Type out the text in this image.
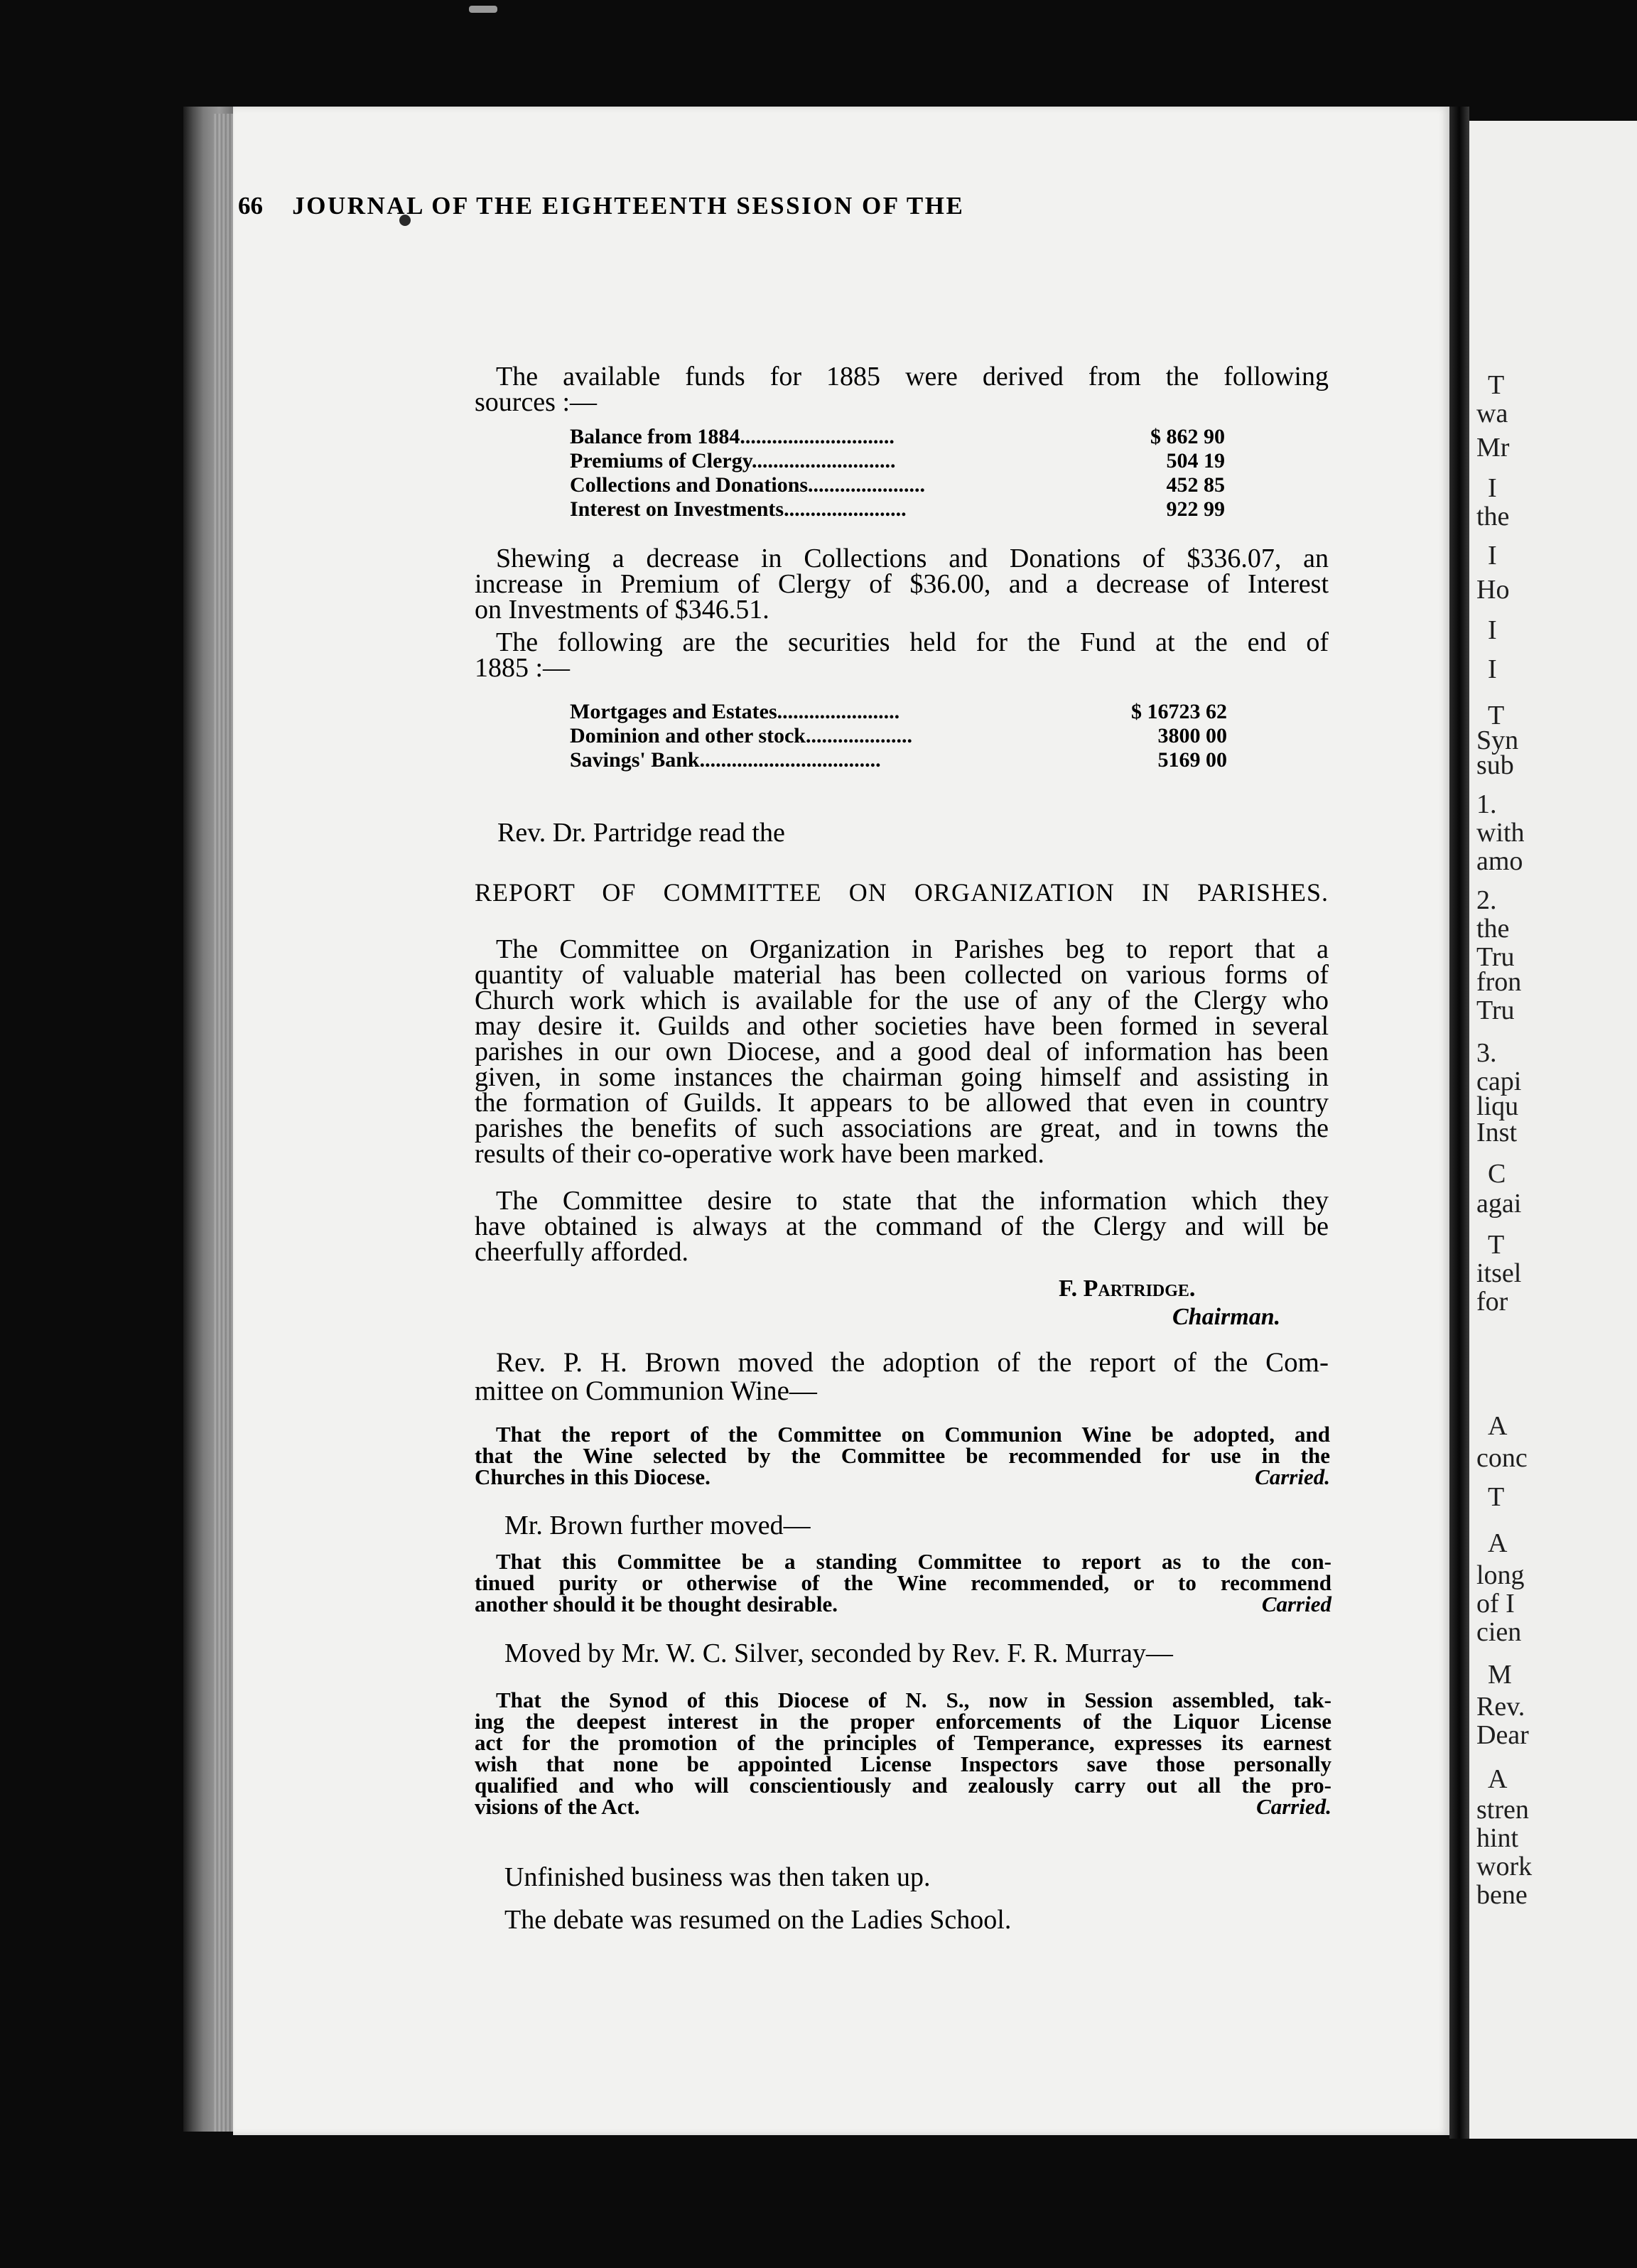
T
wa
Mr
I
the
I
Ho
I
I
T
Syn
sub
1.
with
amo
2.
the
Tru
fron
Tru
3.
capi
liqu
Inst
C
agai
T
itsel
for
A
conc
T
A
long
of I
cien
M
Rev.
Dear
A
stren
hint
work
bene
66 JOURNAL OF THE EIGHTEENTH SESSION OF THE
The available funds for 1885 were derived from the following
sources :—
Balance from 1884.............................	$ 862 90
Premiums of Clergy...........................	504 19
Collections and Donations......................	452 85
Interest on Investments.......................	922 99
Shewing a decrease in Collections and Donations of $336.07, an
increase in Premium of Clergy of $36.00, and a decrease of Interest
on Investments of $346.51.
The following are the securities held for the Fund at the end of
1885 :—
Mortgages and Estates.......................	$ 16723 62
Dominion and other stock....................	3800 00
Savings' Bank..................................	5169 00
Rev. Dr. Partridge read the
REPORT OF COMMITTEE ON ORGANIZATION IN PARISHES.
The Committee on Organization in Parishes beg to report that a
quantity of valuable material has been collected on various forms of
Church work which is available for the use of any of the Clergy who
may desire it. Guilds and other societies have been formed in several
parishes in our own Diocese, and a good deal of information has been
given, in some instances the chairman going himself and assisting in
the formation of Guilds. It appears to be allowed that even in country
parishes the benefits of such associations are great, and in towns the
results of their co-operative work have been marked.
The Committee desire to state that the information which they
have obtained is always at the command of the Clergy and will be
cheerfully afforded.
F. Partridge.
Chairman.
Rev. P. H. Brown moved the adoption of the report of the Com-
mittee on Communion Wine—
That the report of the Committee on Communion Wine be adopted, and
that the Wine selected by the Committee be recommended for use in the
Churches in this Diocese.	Carried.
Mr. Brown further moved—
That this Committee be a standing Committee to report as to the con-
tinued purity or otherwise of the Wine recommended, or to recommend
another should it be thought desirable.	Carried
Moved by Mr. W. C. Silver, seconded by Rev. F. R. Murray—
That the Synod of this Diocese of N. S., now in Session assembled, tak-
ing the deepest interest in the proper enforcements of the Liquor License
act for the promotion of the principles of Temperance, expresses its earnest
wish that none be appointed License Inspectors save those personally
qualified and who will conscientiously and zealously carry out all the pro-
visions of the Act.	Carried.
Unfinished business was then taken up.
The debate was resumed on the Ladies School.
